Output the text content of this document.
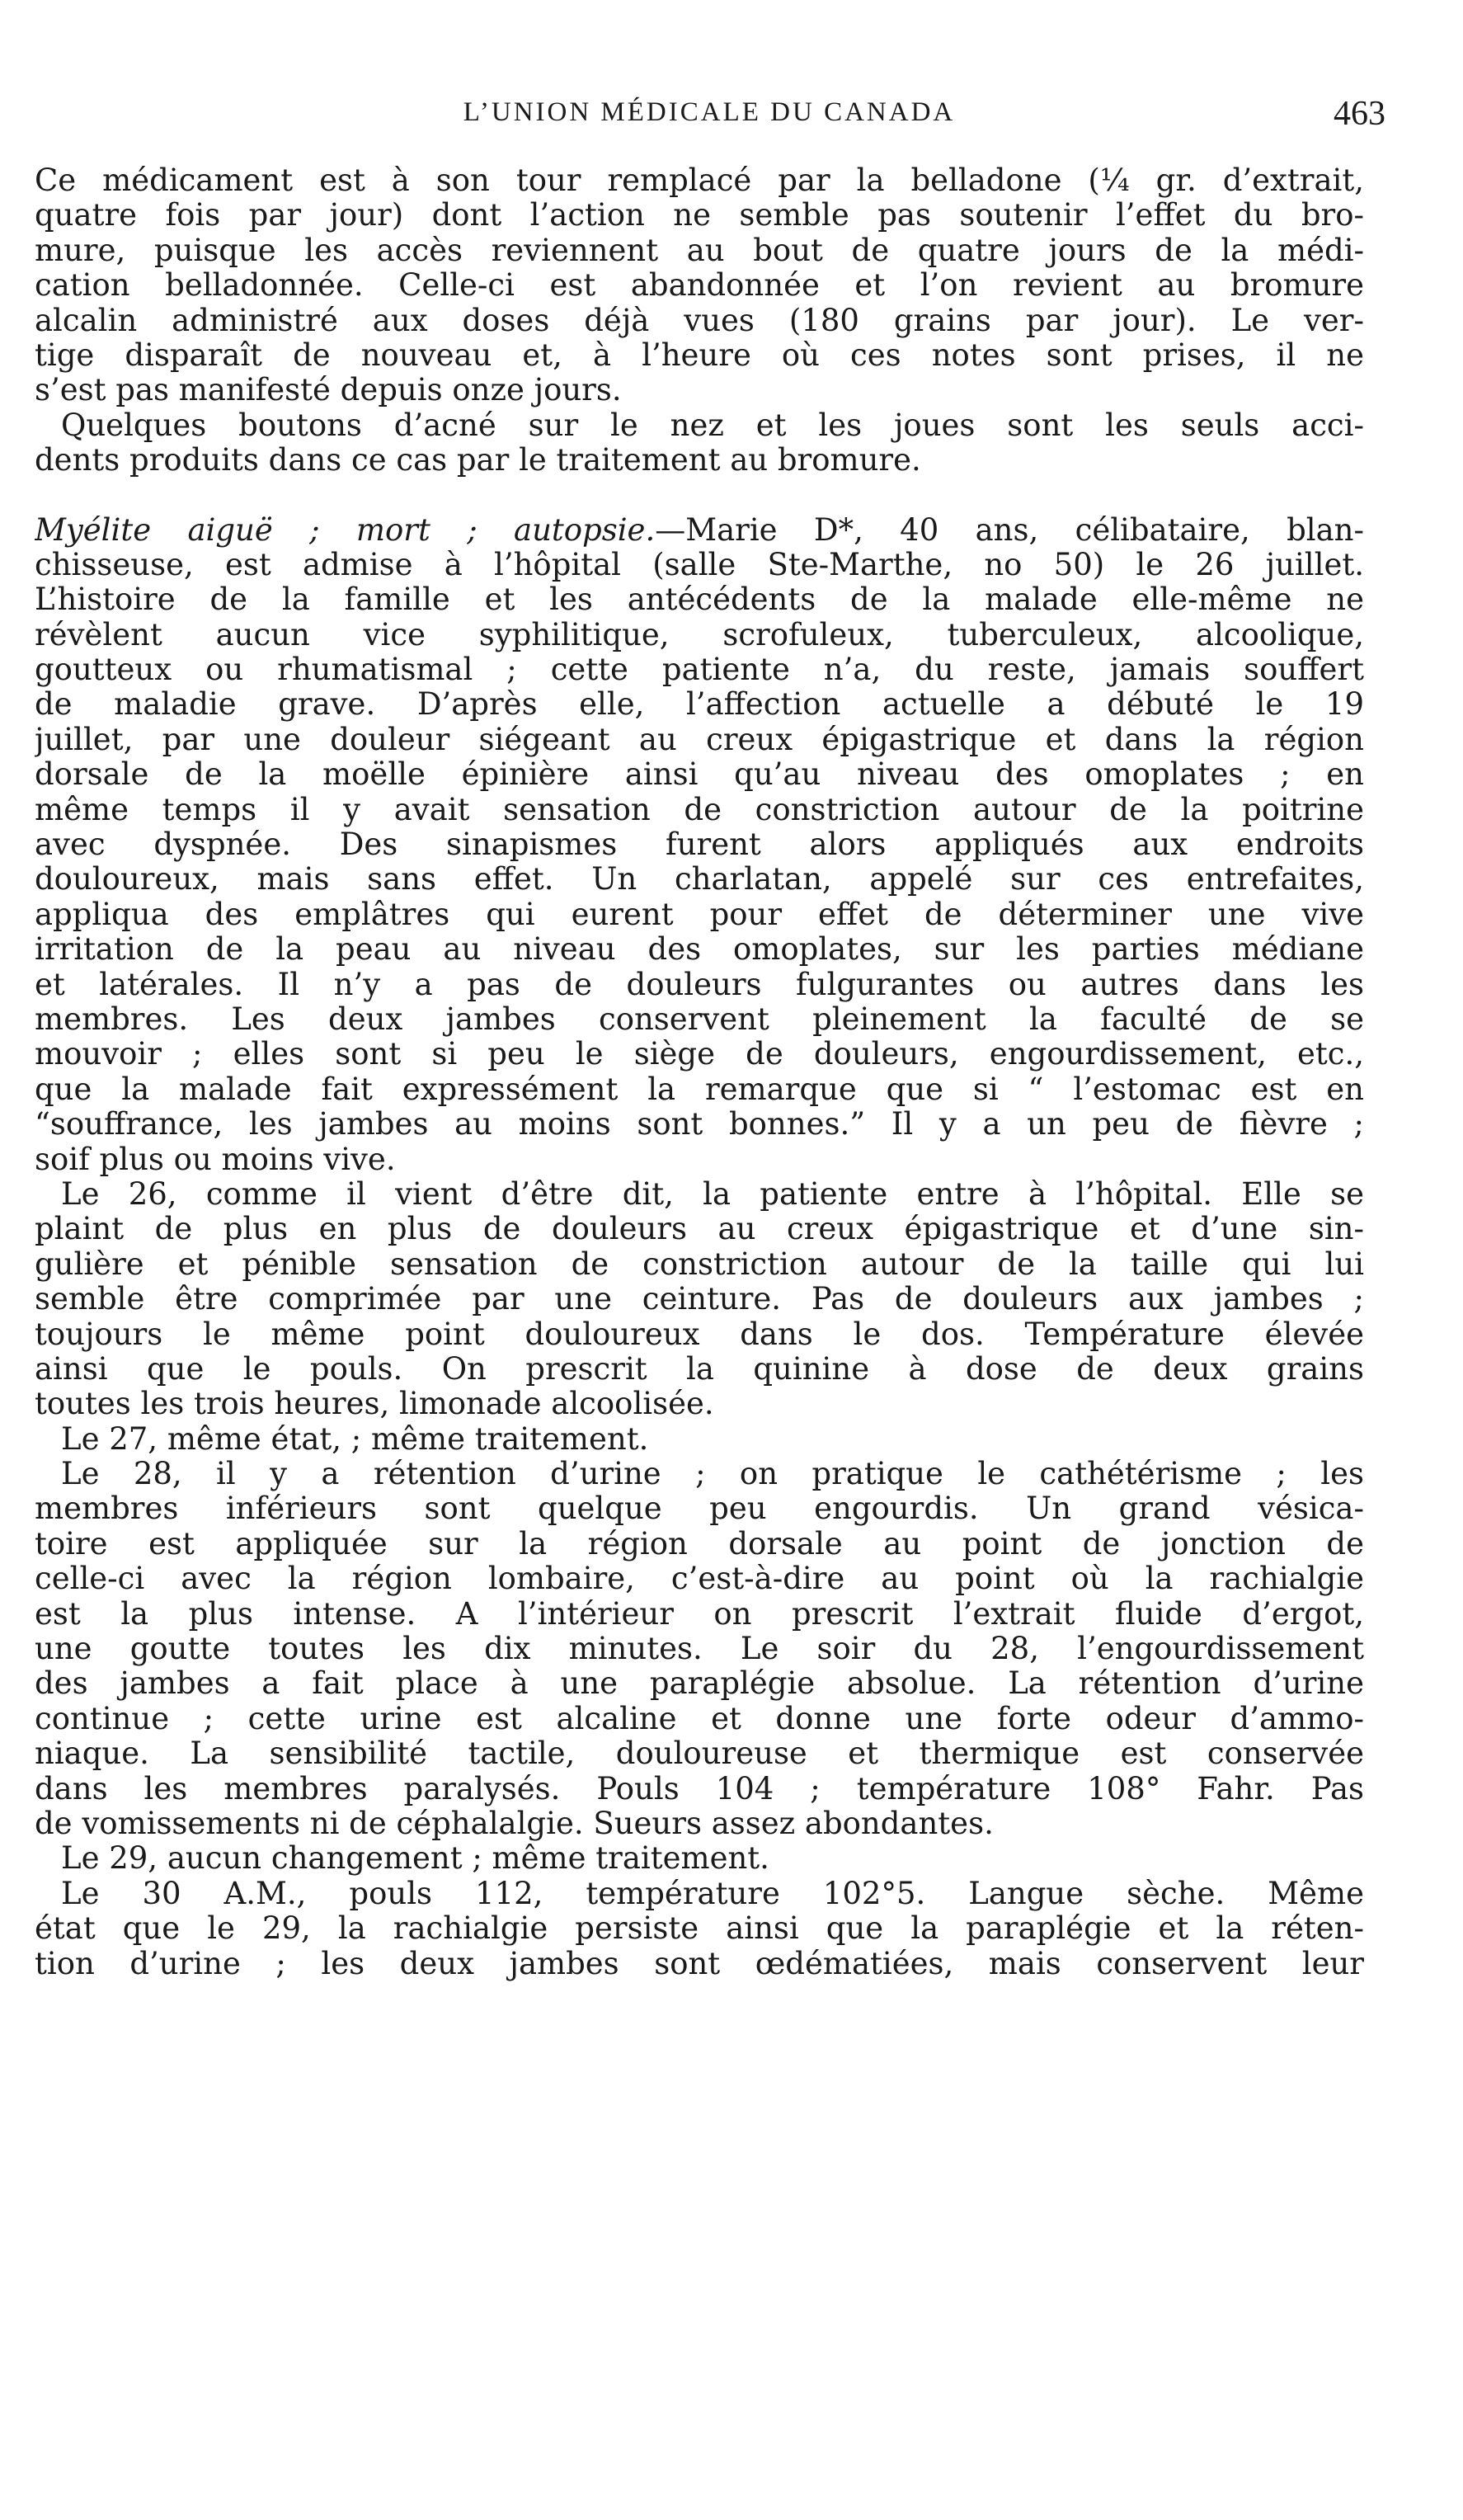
L’UNION MÉDICALE DU CANADA	463
Ce médicament est à son tour remplacé par la belladone (¼ gr. d’extrait,
quatre fois par jour) dont l’action ne semble pas soutenir l’effet du bro-
mure, puisque les accès reviennent au bout de quatre jours de la médi-
cation belladonnée. Celle-ci est abandonnée et l’on revient au bromure
alcalin administré aux doses déjà vues (180 grains par jour). Le ver-
tige disparaît de nouveau et, à l’heure où ces notes sont prises, il ne
s’est pas manifesté depuis onze jours.
Quelques boutons d’acné sur le nez et les joues sont les seuls acci-
dents produits dans ce cas par le traitement au bromure.
Myélite aiguë ; mort ; autopsie.—Marie D*, 40 ans, célibataire, blan-
chisseuse, est admise à l’hôpital (salle Ste-Marthe, no 50) le 26 juillet.
L’histoire de la famille et les antécédents de la malade elle-même ne
révèlent aucun vice syphilitique, scrofuleux, tuberculeux, alcoolique,
goutteux ou rhumatismal ; cette patiente n’a, du reste, jamais souffert
de maladie grave. D’après elle, l’affection actuelle a débuté le 19
juillet, par une douleur siégeant au creux épigastrique et dans la région
dorsale de la moëlle épinière ainsi qu’au niveau des omoplates ; en
même temps il y avait sensation de constriction autour de la poitrine
avec dyspnée. Des sinapismes furent alors appliqués aux endroits
douloureux, mais sans effet. Un charlatan, appelé sur ces entrefaites,
appliqua des emplâtres qui eurent pour effet de déterminer une vive
irritation de la peau au niveau des omoplates, sur les parties médiane
et latérales. Il n’y a pas de douleurs fulgurantes ou autres dans les
membres. Les deux jambes conservent pleinement la faculté de se
mouvoir ; elles sont si peu le siège de douleurs, engourdissement, etc.,
que la malade fait expressément la remarque que si “ l’estomac est en
“souffrance, les jambes au moins sont bonnes.” Il y a un peu de fièvre ;
soif plus ou moins vive.
Le 26, comme il vient d’être dit, la patiente entre à l’hôpital. Elle se
plaint de plus en plus de douleurs au creux épigastrique et d’une sin-
gulière et pénible sensation de constriction autour de la taille qui lui
semble être comprimée par une ceinture. Pas de douleurs aux jambes ;
toujours le même point douloureux dans le dos. Température élevée
ainsi que le pouls. On prescrit la quinine à dose de deux grains
toutes les trois heures, limonade alcoolisée.
Le 27, même état, ; même traitement.
Le 28, il y a rétention d’urine ; on pratique le cathétérisme ; les
membres inférieurs sont quelque peu engourdis. Un grand vésica-
toire est appliquée sur la région dorsale au point de jonction de
celle-ci avec la région lombaire, c’est-à-dire au point où la rachialgie
est la plus intense. A l’intérieur on prescrit l’extrait fluide d’ergot,
une goutte toutes les dix minutes. Le soir du 28, l’engourdissement
des jambes a fait place à une paraplégie absolue. La rétention d’urine
continue ; cette urine est alcaline et donne une forte odeur d’ammo-
niaque. La sensibilité tactile, douloureuse et thermique est conservée
dans les membres paralysés. Pouls 104 ; température 108° Fahr. Pas
de vomissements ni de céphalalgie. Sueurs assez abondantes.
Le 29, aucun changement ; même traitement.
Le 30 A.M., pouls 112, température 102°5. Langue sèche. Même
état que le 29, la rachialgie persiste ainsi que la paraplégie et la réten-
tion d’urine ; les deux jambes sont œdématiées, mais conservent leur
